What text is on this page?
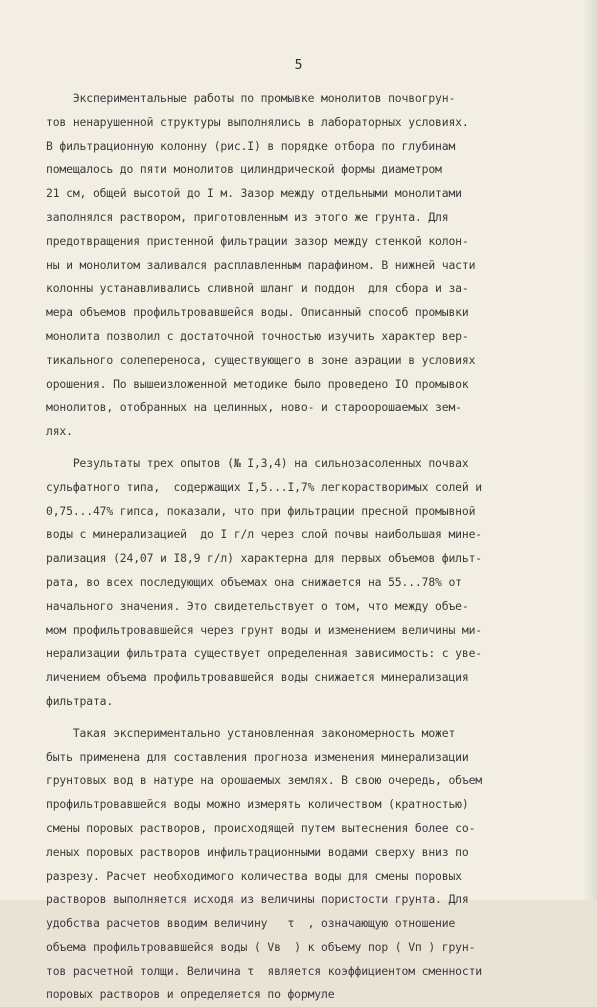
5
Экспериментальные работы по промывке монолитов почвогрун-
тов ненарушенной структуры выполнялись в лабораторных условиях.
В фильтрационную колонну (рис.I) в порядке отбора по глубинам
помещалось до пяти монолитов цилиндрической формы диаметром
21 см, общей высотой до I м. Зазор между отдельными монолитами
заполнялся раствором, приготовленным из этого же грунта. Для
предотвращения пристенной фильтрации зазор между стенкой колон-
ны и монолитом заливался расплавленным парафином. В нижней части
колонны устанавливались сливной шланг и поддон  для сбора и за-
мера объемов профильтровавшейся воды. Описанный способ промывки
монолита позволил с достаточной точностью изучить характер вер-
тикального солепереноса, существующего в зоне аэрации в условиях
орошения. По вышеизложенной методике было проведено IO промывок
монолитов, отобранных на целинных, ново- и староорошаемых зем-
лях.
Результаты трех опытов (№ I,3,4) на сильнозасоленных почвах
сульфатного типа,  содержащих I,5...I,7% легкорастворимых солей и
0,75...47% гипса, показали, что при фильтрации пресной промывной
воды с минерализацией  до I г/л через слой почвы наибольшая мине-
рализация (24,07 и I8,9 г/л) характерна для первых объемов фильт-
рата, во всех последующих объемах она снижается на 55...78% от
начального значения. Это свидетельствует о том, что между объе-
мом профильтровавшейся через грунт воды и изменением величины ми-
нерализации фильтрата существует определенная зависимость: с уве-
личением объема профильтровавшейся воды снижается минерализация
фильтрата.
Такая экспериментально установленная закономерность может
быть применена для составления прогноза изменения минерализации
грунтовых вод в натуре на орошаемых землях. В свою очередь, объем
профильтровавшейся воды можно измерять количеством (кратностью)
смены поровых растворов, происходящей путем вытеснения более со-
леных поровых растворов инфильтрационными водами сверху вниз по
разрезу. Расчет необходимого количества воды для смены поровых
растворов выполняется исходя из величины пористости грунта. Для
удобства расчетов вводим величину   τ  , означающую отношение
объема профильтровавшейся воды ( Vв  ) к объему пор ( Vп ) грун-
тов расчетной толщи. Величина τ  является коэффициентом сменности
поровых растворов и определяется по формуле
